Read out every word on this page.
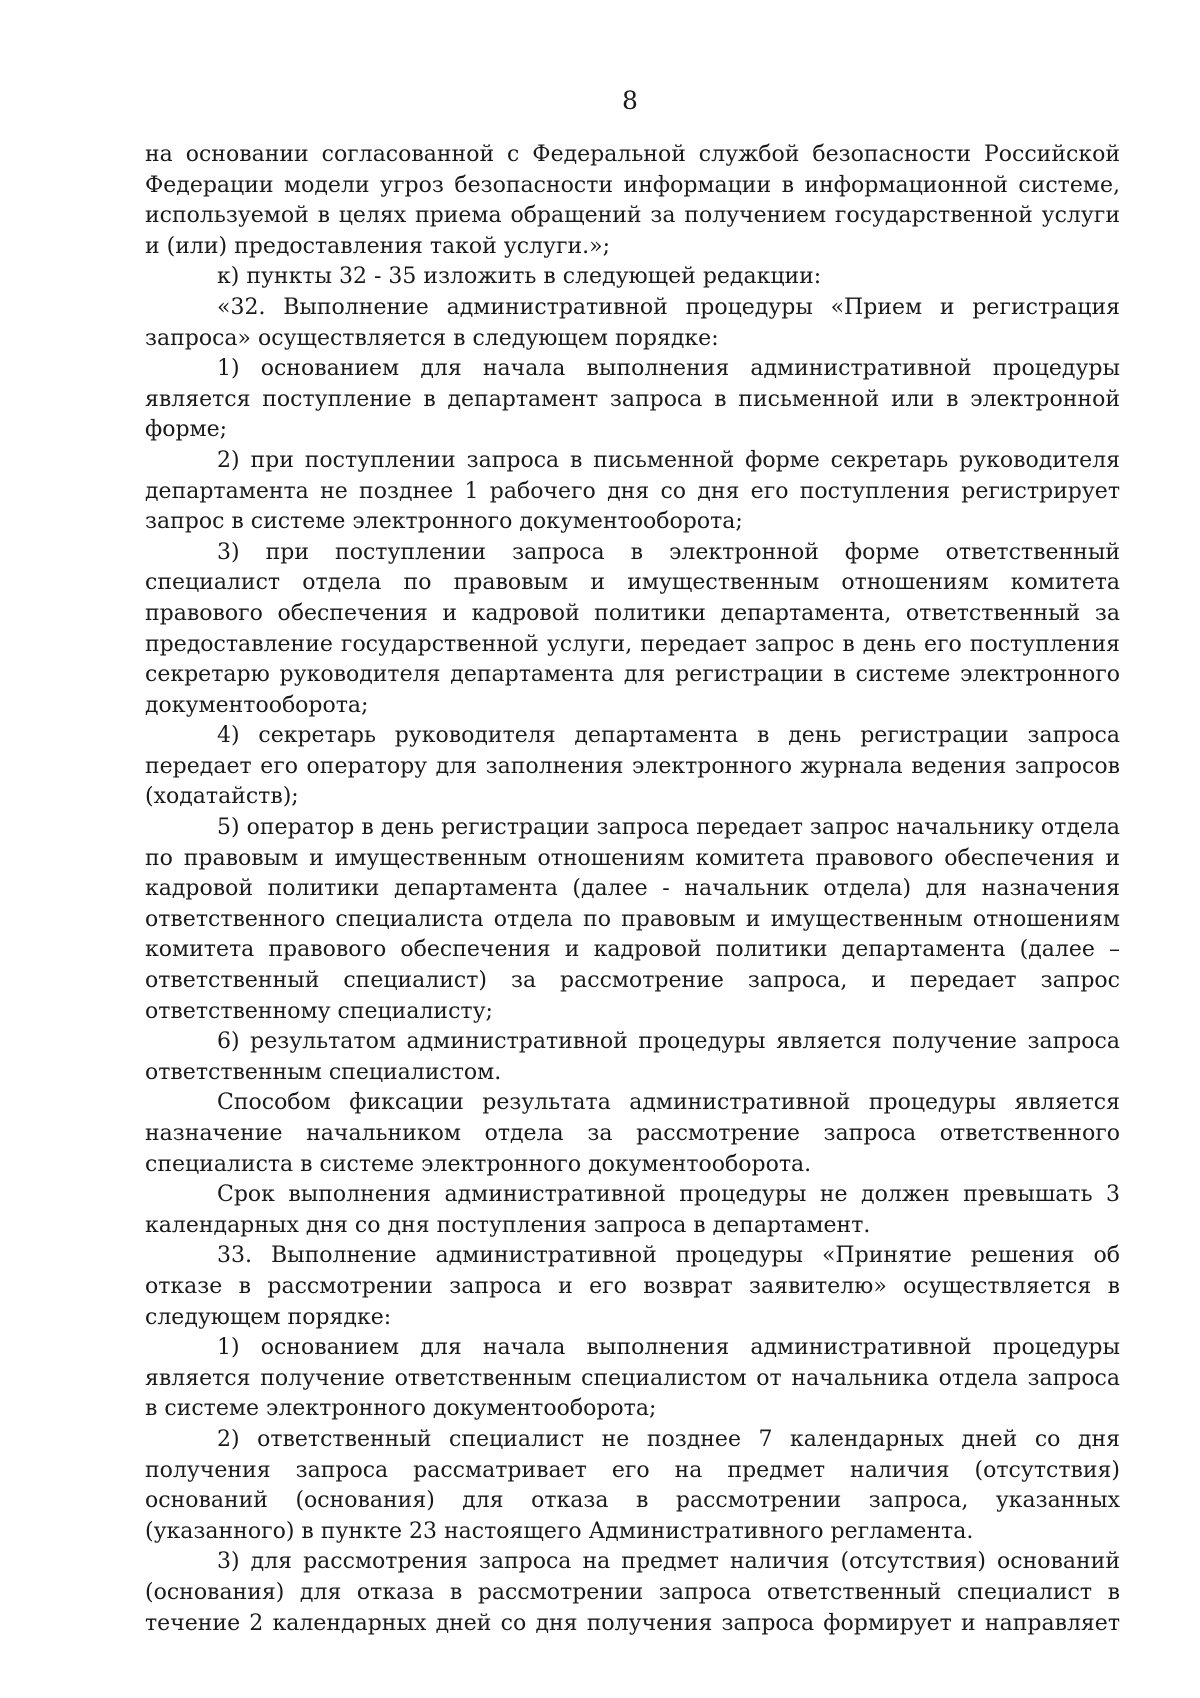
8

на основании согласованной с Федеральной службой безопасности Российской Федерации модели угроз безопасности информации в информационной системе, используемой в целях приема обращений за получением государственной услуги и (или) предоставления такой услуги.»;

к) пункты 32 - 35 изложить в следующей редакции:

«32. Выполнение административной процедуры «Прием и регистрация запроса» осуществляется в следующем порядке:

1) основанием для начала выполнения административной процедуры является поступление в департамент запроса в письменной или в электронной форме;

2) при поступлении запроса в письменной форме секретарь руководителя департамента не позднее 1 рабочего дня со дня его поступления регистрирует запрос в системе электронного документооборота;

3) при поступлении запроса в электронной форме ответственный специалист отдела по правовым и имущественным отношениям комитета правового обеспечения и кадровой политики департамента, ответственный за предоставление государственной услуги, передает запрос в день его поступления секретарю руководителя департамента для регистрации в системе электронного документооборота;

4) секретарь руководителя департамента в день регистрации запроса передает его оператору для заполнения электронного журнала ведения запросов (ходатайств);

5) оператор в день регистрации запроса передает запрос начальнику отдела по правовым и имущественным отношениям комитета правового обеспечения и кадровой политики департамента (далее - начальник отдела) для назначения ответственного специалиста отдела по правовым и имущественным отношениям комитета правового обеспечения и кадровой политики департамента (далее – ответственный специалист) за рассмотрение запроса, и передает запрос ответственному специалисту;

6) результатом административной процедуры является получение запроса ответственным специалистом.

Способом фиксации результата административной процедуры является назначение начальником отдела за рассмотрение запроса ответственного специалиста в системе электронного документооборота.

Срок выполнения административной процедуры не должен превышать 3 календарных дня со дня поступления запроса в департамент.

33. Выполнение административной процедуры «Принятие решения об отказе в рассмотрении запроса и его возврат заявителю» осуществляется в следующем порядке:

1) основанием для начала выполнения административной процедуры является получение ответственным специалистом от начальника отдела запроса в системе электронного документооборота;

2) ответственный специалист не позднее 7 календарных дней со дня получения запроса рассматривает его на предмет наличия (отсутствия) оснований (основания) для отказа в рассмотрении запроса, указанных (указанного) в пункте 23 настоящего Административного регламента.

3) для рассмотрения запроса на предмет наличия (отсутствия) оснований (основания) для отказа в рассмотрении запроса ответственный специалист в течение 2 календарных дней со дня получения запроса формирует и направляет
